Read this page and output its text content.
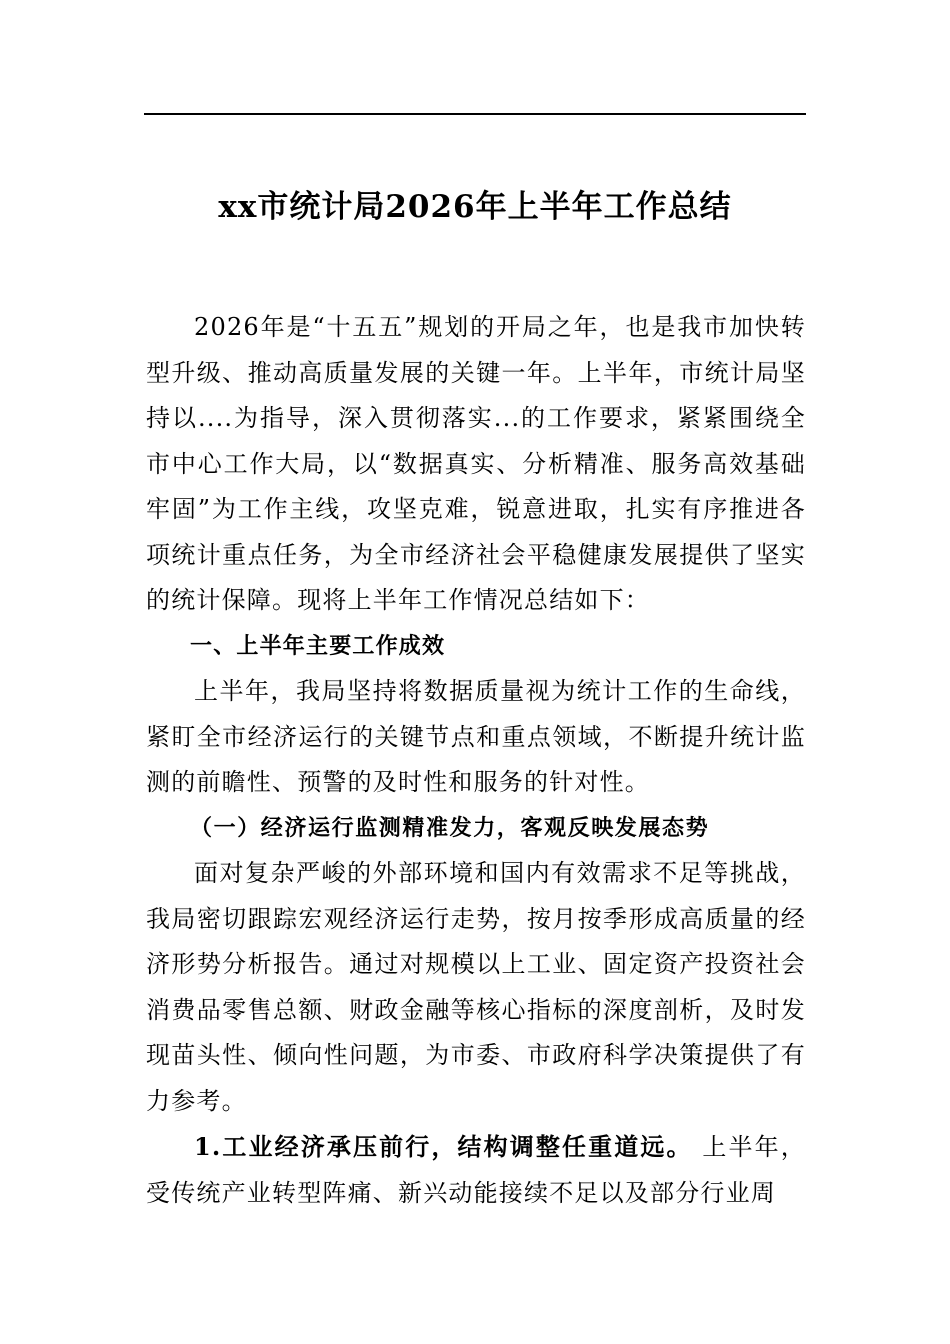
xx市统计局2026年上半年工作总结

2026年是“十五五”规划的开局之年，也是我市加快转型升级、推动高质量发展的关键一年。上半年，市统计局坚持以....为指导，深入贯彻落实...的工作要求，紧紧围绕全市中心工作大局，以“数据真实、分析精准、服务高效基础牢固”为工作主线，攻坚克难，锐意进取，扎实有序推进各项统计重点任务，为全市经济社会平稳健康发展提供了坚实的统计保障。现将上半年工作情况总结如下：

一、上半年主要工作成效

上半年，我局坚持将数据质量视为统计工作的生命线，紧盯全市经济运行的关键节点和重点领域，不断提升统计监测的前瞻性、预警的及时性和服务的针对性。

（一）经济运行监测精准发力，客观反映发展态势

面对复杂严峻的外部环境和国内有效需求不足等挑战，我局密切跟踪宏观经济运行走势，按月按季形成高质量的经济形势分析报告。通过对规模以上工业、固定资产投资社会消费品零售总额、财政金融等核心指标的深度剖析，及时发现苗头性、倾向性问题，为市委、市政府科学决策提供了有力参考。

1.工业经济承压前行，结构调整任重道远。 上半年，受传统产业转型阵痛、新兴动能接续不足以及部分行业周
